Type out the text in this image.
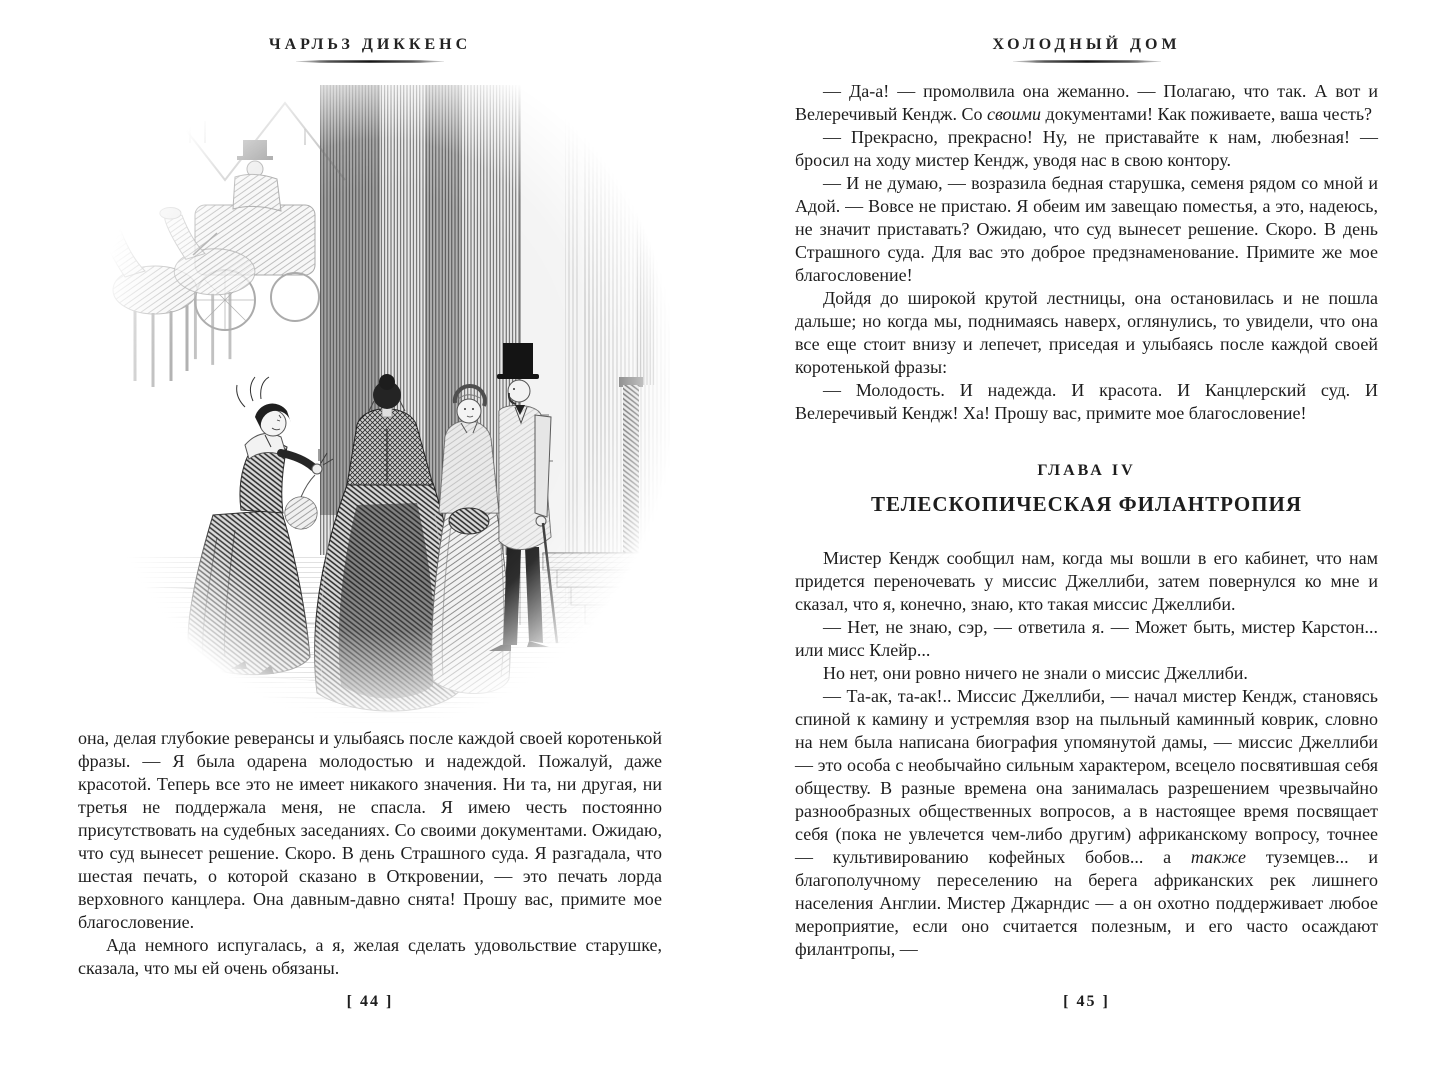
ЧАРЛЬЗ ДИККЕНС
она, делая глубокие реверансы и улыбаясь после каждой своей коротенькой фразы. — Я была одарена молодостью и надеждой. Пожалуй, даже красотой. Теперь все это не имеет никакого значения. Ни та, ни другая, ни третья не поддержала меня, не спасла. Я имею честь постоянно присутствовать на судебных заседаниях. Со своими документами. Ожидаю, что суд вынесет решение. Скоро. В день Страшного суда. Я разгадала, что шестая печать, о которой сказано в Откровении, — это печать лорда верховного канцлера. Она давным-давно снята! Прошу вас, примите мое благословение.
Ада немного испугалась, а я, желая сделать удовольствие старушке, сказала, что мы ей очень обязаны.
[ 44 ]
ХОЛОДНЫЙ ДОМ
— Да-а! — промолвила она жеманно. — Полагаю, что так. А вот и Велеречивый Кендж. Со своими документами! Как поживаете, ваша честь?
— Прекрасно, прекрасно! Ну, не приставайте к нам, любезная! — бросил на ходу мистер Кендж, уводя нас в свою контору.
— И не думаю, — возразила бедная старушка, семеня рядом со мной и Адой. — Вовсе не пристаю. Я обеим им завещаю поместья, а это, надеюсь, не значит приставать? Ожидаю, что суд вынесет решение. Скоро. В день Страшного суда. Для вас это доброе предзнаменование. Примите же мое благословение!
Дойдя до широкой крутой лестницы, она остановилась и не пошла дальше; но когда мы, поднимаясь наверх, оглянулись, то увидели, что она все еще стоит внизу и лепечет, приседая и улыбаясь после каждой своей коротенькой фразы:
— Молодость. И надежда. И красота. И Канцлерский суд. И Велеречивый Кендж! Ха! Прошу вас, примите мое благословение!
ГЛАВА IV
ТЕЛЕСКОПИЧЕСКАЯ ФИЛАНТРОПИЯ
Мистер Кендж сообщил нам, когда мы вошли в его кабинет, что нам придется переночевать у миссис Джеллиби, затем повернулся ко мне и сказал, что я, конечно, знаю, кто такая миссис Джеллиби.
— Нет, не знаю, сэр, — ответила я. — Может быть, мистер Карстон... или мисс Клейр...
Но нет, они ровно ничего не знали о миссис Джеллиби.
— Та-ак, та-ак!.. Миссис Джеллиби, — начал мистер Кендж, становясь спиной к камину и устремляя взор на пыльный каминный коврик, словно на нем была написана биография упомянутой дамы, — миссис Джеллиби — это особа с необычайно сильным характером, всецело посвятившая себя обществу. В разные времена она занималась разрешением чрезвычайно разнообразных общественных вопросов, а в настоящее время посвящает себя (пока не увлечется чем-либо другим) африканскому вопросу, точнее — культивированию кофейных бобов... а также туземцев... и благополучному переселению на берега африканских рек лишнего населения Англии. Мистер Джарндис — а он охотно поддерживает любое мероприятие, если оно считается полезным, и его часто осаждают филантропы, —
[ 45 ]
